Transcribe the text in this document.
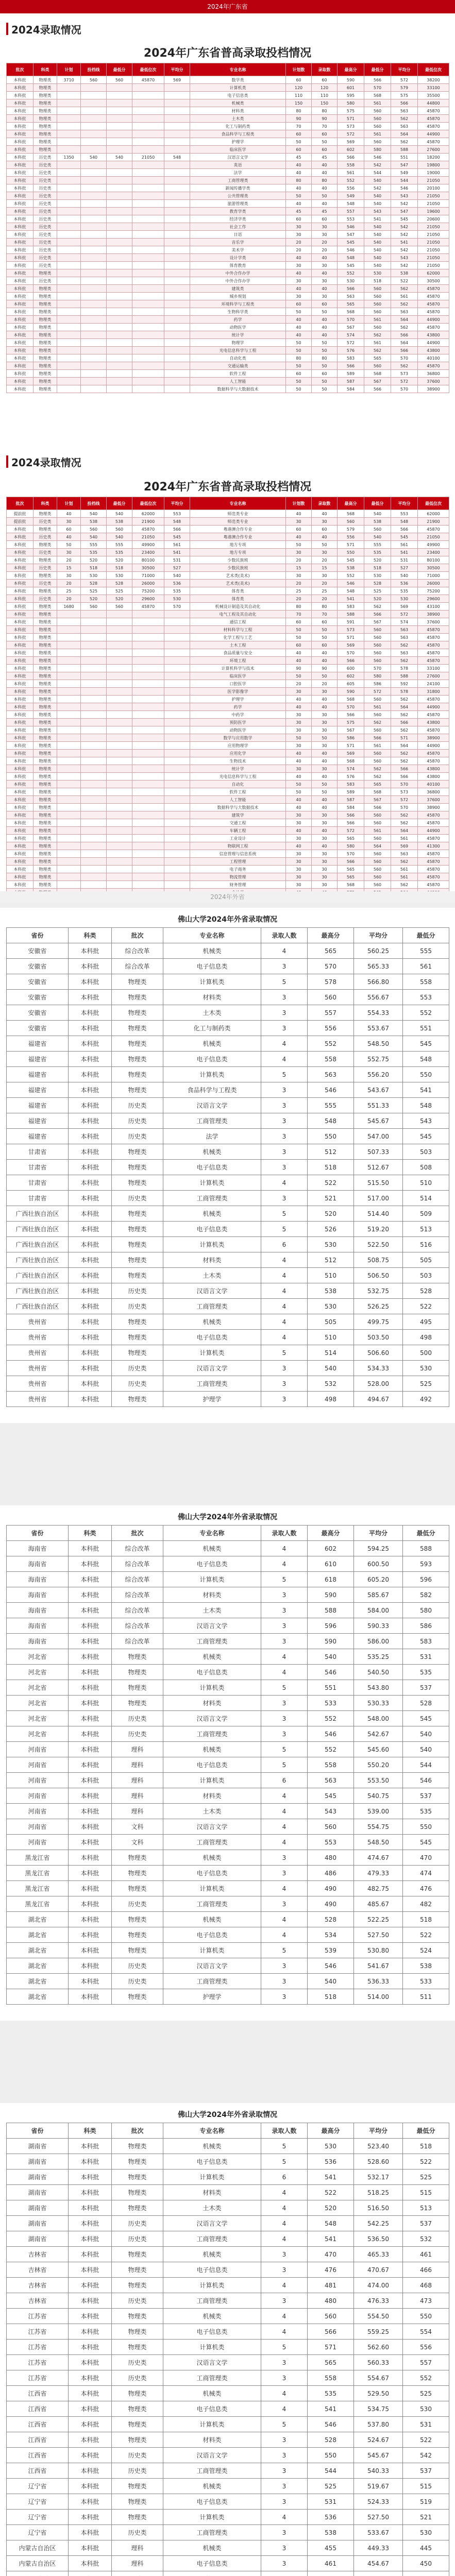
2024年广东省
2024录取情况
2024年广东省普高录取投档情况
批次	科类	计划	投档线	最低分	最低位次	平均分	专业名称	计划数	录取数	最高分	最低分	平均分	最低位次
本科批	物理类	3710	560	560	45870	569	数学类	60	60	590	566	572	38200
本科批	物理类						计算机类	120	120	601	570	579	33100
本科批	物理类						电子信息类	110	110	595	568	575	35500
本科批	物理类						机械类	150	150	580	561	566	44800
本科批	物理类						材料类	80	80	575	560	563	45870
本科批	物理类						土木类	90	90	571	560	562	45870
本科批	物理类						化工与制药类	70	70	573	560	563	45870
本科批	物理类						食品科学与工程类	60	60	572	561	564	44900
本科批	物理类						护理学	50	50	569	560	562	45870
本科批	物理类						临床医学	60	60	602	580	588	27600
本科批	历史类	1350	540	540	21050	548	汉语言文学	45	45	566	546	551	18200
本科批	历史类						英语	40	40	558	542	547	19800
本科批	历史类						法学	40	40	561	544	549	19000
本科批	历史类						工商管理类	80	80	552	540	544	21050
本科批	历史类						新闻传播学类	40	40	556	542	546	20100
本科批	历史类						公共管理类	50	50	549	540	543	21050
本科批	历史类						旅游管理类	40	40	548	540	542	21050
本科批	历史类						教育学类	45	45	557	543	547	19600
本科批	历史类						经济学类	60	60	553	541	545	20600
本科批	历史类						社会工作	30	30	546	540	542	21050
本科批	历史类						日语	30	30	547	540	542	21050
本科批	历史类						音乐学	20	20	545	540	541	21050
本科批	历史类						美术学	20	20	546	540	542	21050
本科批	历史类						设计学类	40	40	548	540	543	21050
本科批	历史类						体育教育	30	30	545	540	542	21050
本科批	物理类						中外合作办学	40	40	552	530	538	62000
本科批	历史类						中外合作办学	30	30	530	518	522	30500
本科批	物理类						建筑类	40	40	566	560	562	45870
本科批	物理类						城乡规划	30	30	563	560	561	45870
本科批	物理类						环境科学与工程类	60	60	565	560	562	45870
本科批	物理类						生物科学类	50	50	568	560	563	45870
本科批	物理类						药学	40	40	570	561	564	44900
本科批	物理类						动物医学	40	40	567	560	562	45870
本科批	物理类						统计学	40	40	574	562	566	43800
本科批	物理类						物理学	50	50	572	561	564	44900
本科批	物理类						光电信息科学与工程	50	50	576	562	566	43800
本科批	物理类						自动化类	80	80	583	565	570	40100
本科批	物理类						交通运输类	50	50	566	560	562	45870
本科批	物理类						软件工程	60	60	589	568	573	36800
本科批	物理类						人工智能	50	50	587	567	572	37600
本科批	物理类						数据科学与大数据技术	50	50	584	566	570	38900
2024录取情况
2024年广东省普高录取投档情况
批次	科类	计划	投档线	最低分	最低位次	平均分	专业名称	计划数	录取数	最高分	最低分	平均分	最低位次
提前批	物理类	40	540	540	62000	553	师范类专业	40	40	568	540	553	62000
提前批	历史类	30	538	538	21900	548	师范类专业	30	30	560	538	548	21900
本科批	物理类	60	560	560	45870	566	粤港澳合作专业	60	60	579	560	566	45870
本科批	历史类	40	540	540	21050	545	粤港澳合作专业	40	40	556	540	545	21050
本科批	物理类	50	555	555	49900	561	地方专项	50	50	571	555	561	49900
本科批	历史类	30	535	535	23400	541	地方专项	30	30	550	535	541	23400
本科批	物理类	20	520	520	80100	531	少数民族班	20	20	545	520	531	80100
本科批	历史类	15	518	518	30500	527	少数民族班	15	15	538	518	527	30500
本科批	物理类	30	530	530	71000	540	艺术类(美术)	30	30	552	530	540	71000
本科批	历史类	20	528	528	26000	536	艺术类(美术)	20	20	546	528	536	26000
本科批	物理类	25	525	525	75200	535	体育类	25	25	548	525	535	75200
本科批	历史类	20	520	520	29600	530	体育类	20	20	541	520	530	29600
本科批	物理类	1680	560	560	45870	570	机械设计制造及其自动化	80	80	583	562	569	43100
本科批	物理类						电气工程及其自动化	70	70	588	566	572	38900
本科批	物理类						通信工程	60	60	591	567	574	37600
本科批	物理类						材料科学与工程	50	50	573	560	563	45870
本科批	物理类						化学工程与工艺	50	50	571	560	563	45870
本科批	物理类						土木工程	60	60	569	560	562	45870
本科批	物理类						食品质量与安全	40	40	570	560	563	45870
本科批	物理类						环境工程	40	40	566	560	562	45870
本科批	物理类						计算机科学与技术	90	90	600	570	578	33100
本科批	物理类						临床医学	50	50	602	580	588	27600
本科批	物理类						口腔医学	20	20	605	586	592	24100
本科批	物理类						医学影像学	30	30	590	572	578	31800
本科批	物理类						护理学	40	40	568	560	562	45870
本科批	物理类						药学	40	40	570	561	564	44900
本科批	物理类						中药学	30	30	566	560	562	45870
本科批	物理类						预防医学	30	30	575	562	566	43800
本科批	物理类						动物医学	30	30	567	560	562	45870
本科批	物理类						数学与应用数学	50	50	586	566	571	38900
本科批	物理类						应用物理学	30	30	571	561	564	44900
本科批	物理类						应用化学	40	40	569	560	562	45870
本科批	物理类						生物技术	40	40	568	560	562	45870
本科批	物理类						统计学	30	30	574	562	566	43800
本科批	物理类						光电信息科学与工程	40	40	576	562	566	43800
本科批	物理类						自动化	50	50	583	565	570	40100
本科批	物理类						软件工程	50	50	589	568	573	36800
本科批	物理类						人工智能	40	40	587	567	572	37600
本科批	物理类						数据科学与大数据技术	40	40	584	566	570	38900
本科批	物理类						建筑学	30	30	566	560	562	45870
本科批	物理类						交通工程	30	30	566	560	562	45870
本科批	物理类						车辆工程	40	40	572	561	564	44900
本科批	物理类						工业设计	30	30	565	560	561	45870
本科批	物理类						物联网工程	40	40	580	564	569	41300
本科批	物理类						信息管理与信息系统	30	30	570	560	563	45870
本科批	物理类						工程管理	30	30	566	560	562	45870
本科批	物理类						电子商务	30	30	565	560	561	45870
本科批	物理类						物流管理	30	30	565	560	561	45870
本科批	物理类						财务管理	30	30	568	560	562	45870

2024年外省
佛山大学2024年外省录取情况
省份	科类	批次	专业名称	录取人数	最高分	平均分	最低分
安徽省	本科批	综合改革	机械类	4	565	560.25	555
安徽省	本科批	综合改革	电子信息类	3	570	565.33	561
安徽省	本科批	物理类	计算机类	5	578	566.80	558
安徽省	本科批	物理类	材料类	3	560	556.67	553
安徽省	本科批	物理类	土木类	3	557	554.33	552
安徽省	本科批	物理类	化工与制药类	3	556	553.67	551
福建省	本科批	物理类	机械类	4	552	548.50	545
福建省	本科批	物理类	电子信息类	4	558	552.75	548
福建省	本科批	物理类	计算机类	5	563	556.20	550
福建省	本科批	物理类	食品科学与工程类	3	546	543.67	541
福建省	本科批	历史类	汉语言文学	3	555	551.33	548
福建省	本科批	历史类	工商管理类	3	548	545.67	543
福建省	本科批	历史类	法学	3	550	547.00	545
甘肃省	本科批	物理类	机械类	3	512	507.33	503
甘肃省	本科批	物理类	电子信息类	3	518	512.67	508
甘肃省	本科批	物理类	计算机类	4	522	515.50	510
甘肃省	本科批	历史类	工商管理类	3	521	517.00	514
广西壮族自治区	本科批	物理类	机械类	5	520	514.40	509
广西壮族自治区	本科批	物理类	电子信息类	5	526	519.20	513
广西壮族自治区	本科批	物理类	计算机类	6	530	522.50	516
广西壮族自治区	本科批	物理类	材料类	4	512	508.75	505
广西壮族自治区	本科批	物理类	土木类	4	510	506.50	503
广西壮族自治区	本科批	历史类	汉语言文学	4	538	532.75	528
广西壮族自治区	本科批	历史类	工商管理类	4	530	526.25	522
贵州省	本科批	物理类	机械类	4	505	499.75	495
贵州省	本科批	物理类	电子信息类	4	510	503.50	498
贵州省	本科批	物理类	计算机类	5	514	506.60	500
贵州省	本科批	历史类	汉语言文学	3	540	534.33	530
贵州省	本科批	历史类	工商管理类	3	532	528.00	525
贵州省	本科批	物理类	护理学	3	498	494.67	492
佛山大学2024年外省录取情况
省份	科类	批次	专业名称	录取人数	最高分	平均分	最低分
海南省	本科批	综合改革	机械类	4	602	594.25	588
海南省	本科批	综合改革	电子信息类	4	610	600.50	593
海南省	本科批	综合改革	计算机类	5	618	605.20	596
海南省	本科批	综合改革	材料类	3	590	585.67	582
海南省	本科批	综合改革	土木类	3	588	584.00	580
海南省	本科批	综合改革	汉语言文学	3	596	590.33	586
海南省	本科批	综合改革	工商管理类	3	590	586.00	583
河北省	本科批	物理类	机械类	4	540	535.25	531
河北省	本科批	物理类	电子信息类	4	546	540.50	535
河北省	本科批	物理类	计算机类	5	551	543.80	537
河北省	本科批	物理类	材料类	3	533	530.33	528
河北省	本科批	历史类	汉语言文学	3	552	548.00	545
河北省	本科批	历史类	工商管理类	3	546	542.67	540
河南省	本科批	理科	机械类	5	552	545.60	540
河南省	本科批	理科	电子信息类	5	558	550.20	544
河南省	本科批	理科	计算机类	6	563	553.50	546
河南省	本科批	理科	材料类	4	545	540.75	537
河南省	本科批	理科	土木类	4	543	539.00	535
河南省	本科批	文科	汉语言文学	4	560	554.75	550
河南省	本科批	文科	工商管理类	4	553	548.50	545
黑龙江省	本科批	物理类	机械类	3	480	474.67	470
黑龙江省	本科批	物理类	电子信息类	3	486	479.33	474
黑龙江省	本科批	物理类	计算机类	4	490	482.75	476
黑龙江省	本科批	历史类	工商管理类	3	490	485.67	482
湖北省	本科批	物理类	机械类	4	528	522.25	518
湖北省	本科批	物理类	电子信息类	4	534	527.50	522
湖北省	本科批	物理类	计算机类	5	539	530.80	524
湖北省	本科批	历史类	汉语言文学	3	546	541.67	538
湖北省	本科批	历史类	工商管理类	3	540	536.33	533
湖北省	本科批	物理类	护理学	3	518	514.00	511
佛山大学2024年外省录取情况
省份	科类	批次	专业名称	录取人数	最高分	平均分	最低分
湖南省	本科批	物理类	机械类	5	530	523.40	518
湖南省	本科批	物理类	电子信息类	5	536	528.60	522
湖南省	本科批	物理类	计算机类	6	541	532.17	525
湖南省	本科批	物理类	材料类	4	522	518.25	515
湖南省	本科批	物理类	土木类	4	520	516.50	513
湖南省	本科批	历史类	汉语言文学	4	548	542.25	537
湖南省	本科批	历史类	工商管理类	4	541	536.50	532
吉林省	本科批	物理类	机械类	3	470	465.33	461
吉林省	本科批	物理类	电子信息类	3	476	470.67	466
吉林省	本科批	物理类	计算机类	4	481	474.00	468
吉林省	本科批	历史类	工商管理类	3	480	476.33	473
江苏省	本科批	物理类	机械类	4	560	554.50	550
江苏省	本科批	物理类	电子信息类	4	566	559.25	554
江苏省	本科批	物理类	计算机类	5	571	562.60	556
江苏省	本科批	历史类	汉语言文学	3	565	560.33	557
江苏省	本科批	历史类	工商管理类	3	558	554.67	552
江西省	本科批	物理类	机械类	4	535	529.50	525
江西省	本科批	物理类	电子信息类	4	541	534.75	530
江西省	本科批	物理类	计算机类	5	546	537.80	531
江西省	本科批	物理类	材料类	3	528	524.67	522
江西省	本科批	历史类	汉语言文学	3	550	545.67	542
江西省	本科批	历史类	工商管理类	3	544	540.33	537
辽宁省	本科批	物理类	机械类	3	525	519.67	515
辽宁省	本科批	物理类	电子信息类	3	531	524.33	519
辽宁省	本科批	物理类	计算机类	4	536	527.50	521
辽宁省	本科批	历史类	工商管理类	3	538	533.67	530
内蒙古自治区	本科批	理科	机械类	3	455	449.33	445
内蒙古自治区	本科批	理科	电子信息类	3	461	454.67	450
